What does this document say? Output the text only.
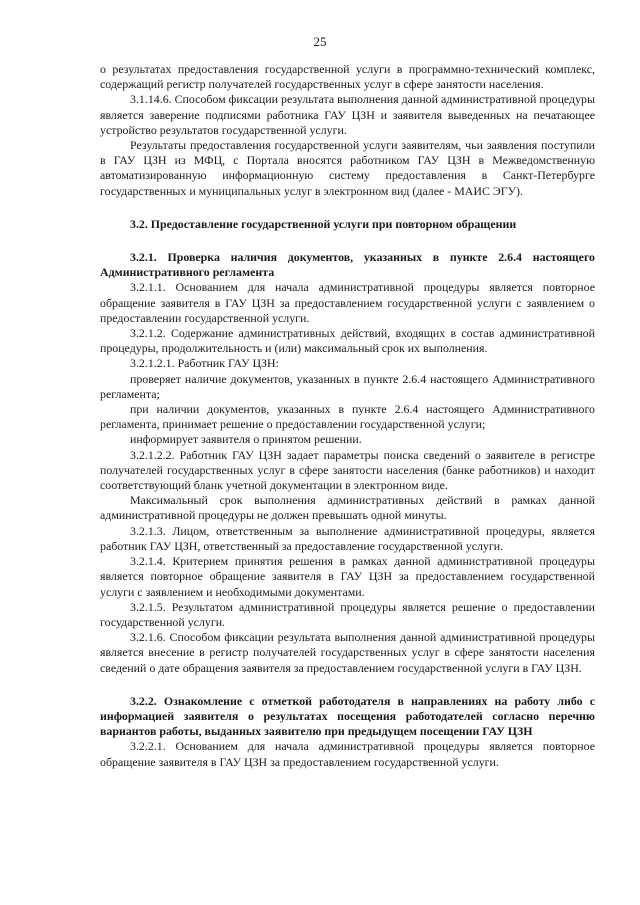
25

о результатах предоставления государственной услуги в программно-технический комплекс, содержащий регистр получателей государственных услуг в сфере занятости населения.

3.1.14.6. Способом фиксации результата выполнения данной административной процедуры является заверение подписями работника ГАУ ЦЗН и заявителя выведенных на печатающее устройство результатов государственной услуги.

Результаты предоставления государственной услуги заявителям, чьи заявления поступили в ГАУ ЦЗН из МФЦ, с Портала вносятся работником ГАУ ЦЗН в Межведомственную автоматизированную информационную систему предоставления в Санкт-Петербурге государственных и муниципальных услуг в электронном вид (далее - МАИС ЭГУ).

3.2. Предоставление государственной услуги при повторном обращении

3.2.1. Проверка наличия документов, указанных в пункте 2.6.4 настоящего Административного регламента

3.2.1.1. Основанием для начала административной процедуры является повторное обращение заявителя в ГАУ ЦЗН за предоставлением государственной услуги с заявлением о предоставлении государственной услуги.

3.2.1.2. Содержание административных действий, входящих в состав административной процедуры, продолжительность и (или) максимальный срок их выполнения.

3.2.1.2.1. Работник ГАУ ЦЗН:

проверяет наличие документов, указанных в пункте 2.6.4 настоящего Административного регламента;

при наличии документов, указанных в пункте 2.6.4 настоящего Административного регламента, принимает решение о предоставлении государственной услуги;

информирует заявителя о принятом решении.

3.2.1.2.2. Работник ГАУ ЦЗН задает параметры поиска сведений о заявителе в регистре получателей государственных услуг в сфере занятости населения (банке работников) и находит соответствующий бланк учетной документации в электронном виде.

Максимальный срок выполнения административных действий в рамках данной административной процедуры не должен превышать одной минуты.

3.2.1.3. Лицом, ответственным за выполнение административной процедуры, является работник ГАУ ЦЗН, ответственный за предоставление государственной услуги.

3.2.1.4. Критерием принятия решения в рамках данной административной процедуры является повторное обращение заявителя в ГАУ ЦЗН за предоставлением государственной услуги с заявлением и необходимыми документами.

3.2.1.5. Результатом административной процедуры является решение о предоставлении государственной услуги.

3.2.1.6. Способом фиксации результата выполнения данной административной процедуры является внесение в регистр получателей государственных услуг в сфере занятости населения сведений о дате обращения заявителя за предоставлением государственной услуги в ГАУ ЦЗН.

3.2.2. Ознакомление с отметкой работодателя в направлениях на работу либо с информацией заявителя о результатах посещения работодателей согласно перечню вариантов работы, выданных заявителю при предыдущем посещении ГАУ ЦЗН

3.2.2.1. Основанием для начала административной процедуры является повторное обращение заявителя в ГАУ ЦЗН за предоставлением государственной услуги.
